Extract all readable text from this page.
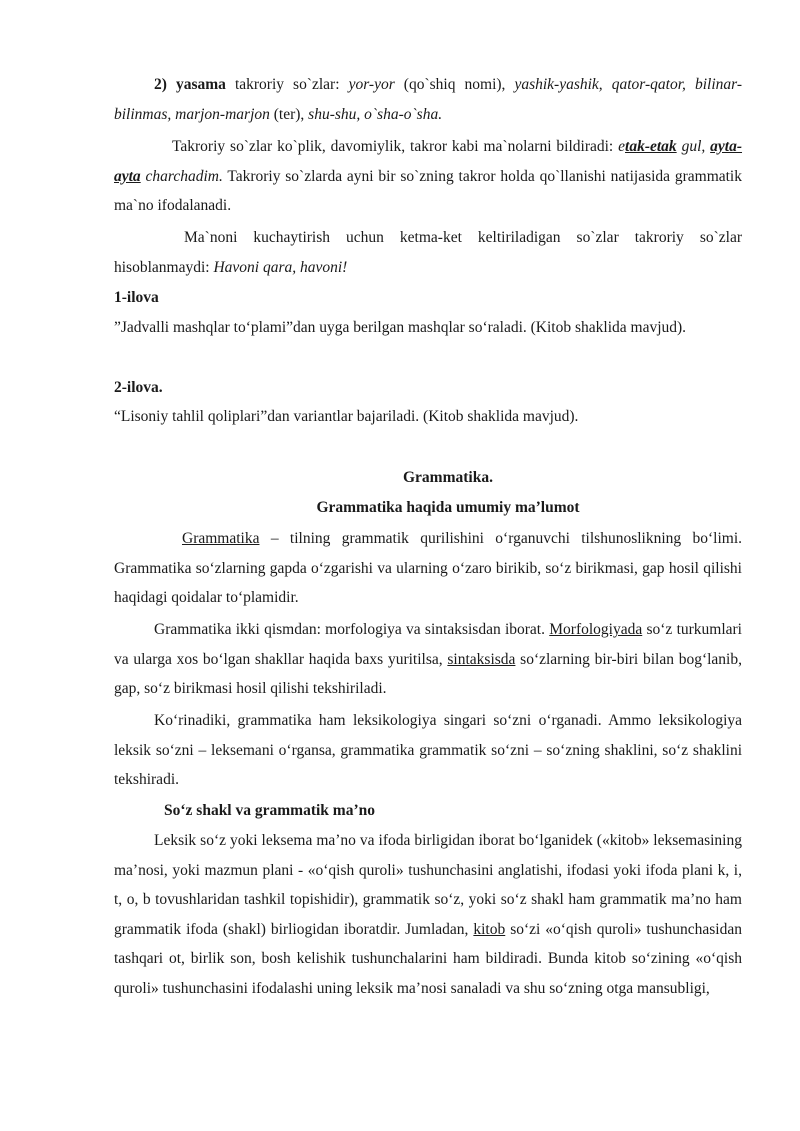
2) yasama takroriy so`zlar: yor-yor (qo`shiq nomi), yashik-yashik, qator-qator, bilinar-bilinmas, marjon-marjon (ter), shu-shu, o`sha-o`sha.

Takroriy so`zlar ko`plik, davomiylik, takror kabi ma`nolarni bildiradi: etak-etak gul, ayta-ayta charchadim. Takroriy so`zlarda ayni bir so`zning takror holda qo`llanishi natijasida grammatik ma`no ifodalanadi.

Ma`noni kuchaytirish uchun ketma-ket keltiriladigan so`zlar takroriy so`zlar hisoblanmaydi: Havoni qara, havoni!

1-ilova

”Jadvalli mashqlar to‘plami”dan uyga berilgan mashqlar so‘raladi. (Kitob shaklida mavjud).

2-ilova.

“Lisoniy tahlil qoliplari”dan variantlar bajariladi. (Kitob shaklida mavjud).

Grammatika.

Grammatika haqida umumiy ma’lumot

Grammatika – tilning grammatik qurilishini o‘rganuvchi tilshunoslikning bo‘limi. Grammatika so‘zlarning gapda o‘zgarishi va ularning o‘zaro birikib, so‘z birikmasi, gap hosil qilishi haqidagi qoidalar to‘plamidir.

Grammatika ikki qismdan: morfologiya va sintaksisdan iborat. Morfologiyada so‘z turkumlari va ularga xos bo‘lgan shakllar haqida baxs yuritilsa, sintaksisda so‘zlarning bir-biri bilan bog‘lanib, gap, so‘z birikmasi hosil qilishi tekshiriladi.

Ko‘rinadiki, grammatika ham leksikologiya singari so‘zni o‘rganadi. Ammo leksikologiya leksik so‘zni – leksemani o‘rgansa, grammatika grammatik so‘zni – so‘zning shaklini, so‘z shaklini tekshiradi.

So‘z shakl va grammatik ma’no

Leksik so‘z yoki leksema ma’no va ifoda birligidan iborat bo‘lganidek («kitob» leksemasining ma’nosi, yoki mazmun plani - «o‘qish quroli» tushunchasini anglatishi, ifodasi yoki ifoda plani k, i, t, o, b tovushlaridan tashkil topishidir), grammatik so‘z, yoki so‘z shakl ham grammatik ma’no ham grammatik ifoda (shakl) birliogidan iboratdir. Jumladan, kitob so‘zi «o‘qish quroli» tushunchasidan tashqari ot, birlik son, bosh kelishik tushunchalarini ham bildiradi. Bunda kitob so‘zining «o‘qish quroli» tushunchasini ifodalashi uning leksik ma’nosi sanaladi va shu so‘zning otga mansubligi,
